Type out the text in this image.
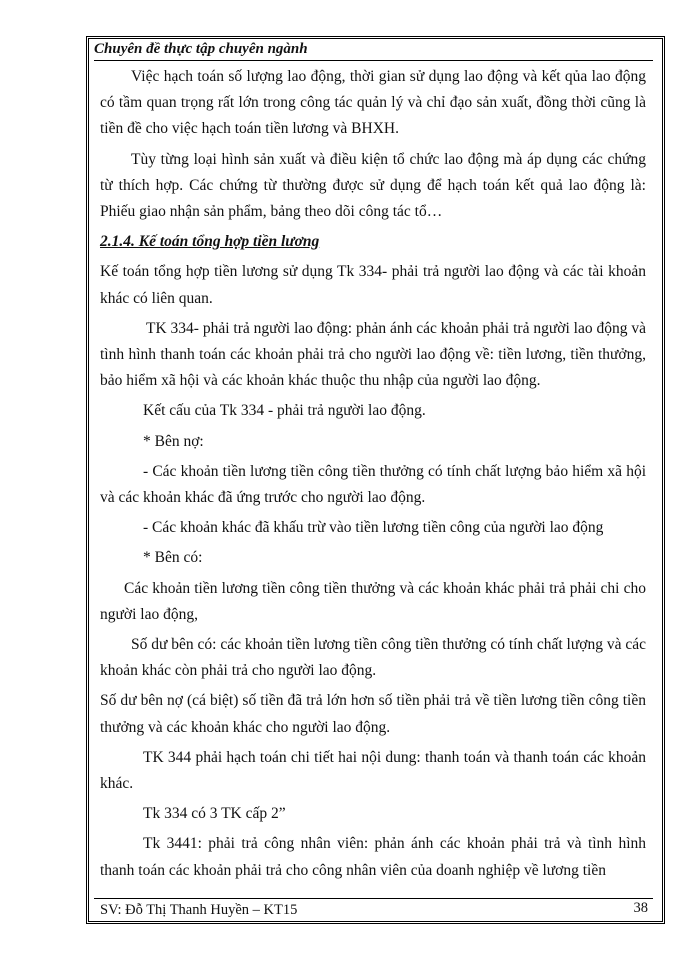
Chuyên đề thực tập chuyên ngành

Việc hạch toán số lượng lao động, thời gian sử dụng lao động và kết qủa lao động có tầm quan trọng rất lớn trong công tác quản lý và chỉ đạo sản xuất, đồng thời cũng là tiền đề cho việc hạch toán tiền lương và BHXH.

Tùy từng loại hình sản xuất và điều kiện tổ chức lao động mà áp dụng các chứng từ thích hợp. Các chứng từ thường được sử dụng để hạch toán kết quả lao động là: Phiếu giao nhận sản phẩm, bảng theo dõi công tác tổ…

2.1.4. Kế toán tổng hợp tiền lương

Kế toán tổng hợp tiền lương sử dụng Tk 334- phải trả người lao động và các tài khoản khác có liên quan.

TK 334- phải trả người lao động: phản ánh các khoản phải trả người lao động và tình hình thanh toán các khoản phải trả cho người lao động về: tiền lương, tiền thưởng, bảo hiểm xã hội và các khoản khác thuộc thu nhập của người lao động.

Kết cấu của Tk 334 - phải trả người lao động.

* Bên nợ:

- Các khoản tiền lương tiền công tiền thưởng có tính chất lượng bảo hiểm xã hội và các khoản khác đã ứng trước cho người lao động.

- Các khoản khác đã khấu trừ vào tiền lương tiền công của người lao động

* Bên có:

Các khoản tiền lương tiền công tiền thưởng và các khoản khác phải trả phải chi cho người lao động,

Số dư bên có: các khoản tiền lương tiền công tiền thưởng có tính chất lượng và các khoản khác còn phải trả cho người lao động.

Số dư bên nợ (cá biệt) số tiền đã trả lớn hơn số tiền phải trả về tiền lương tiền công tiền thưởng và các khoản khác cho người lao động.

TK 344 phải hạch toán chi tiết hai nội dung: thanh toán và thanh toán các khoản khác.

Tk 334 có 3 TK cấp 2”

Tk 3441: phải trả công nhân viên: phản ánh các khoản phải trả và tình hình thanh toán các khoản phải trả cho công nhân viên của doanh nghiệp về lương tiền

SV: Đỗ Thị Thanh Huyền – KT15	38
